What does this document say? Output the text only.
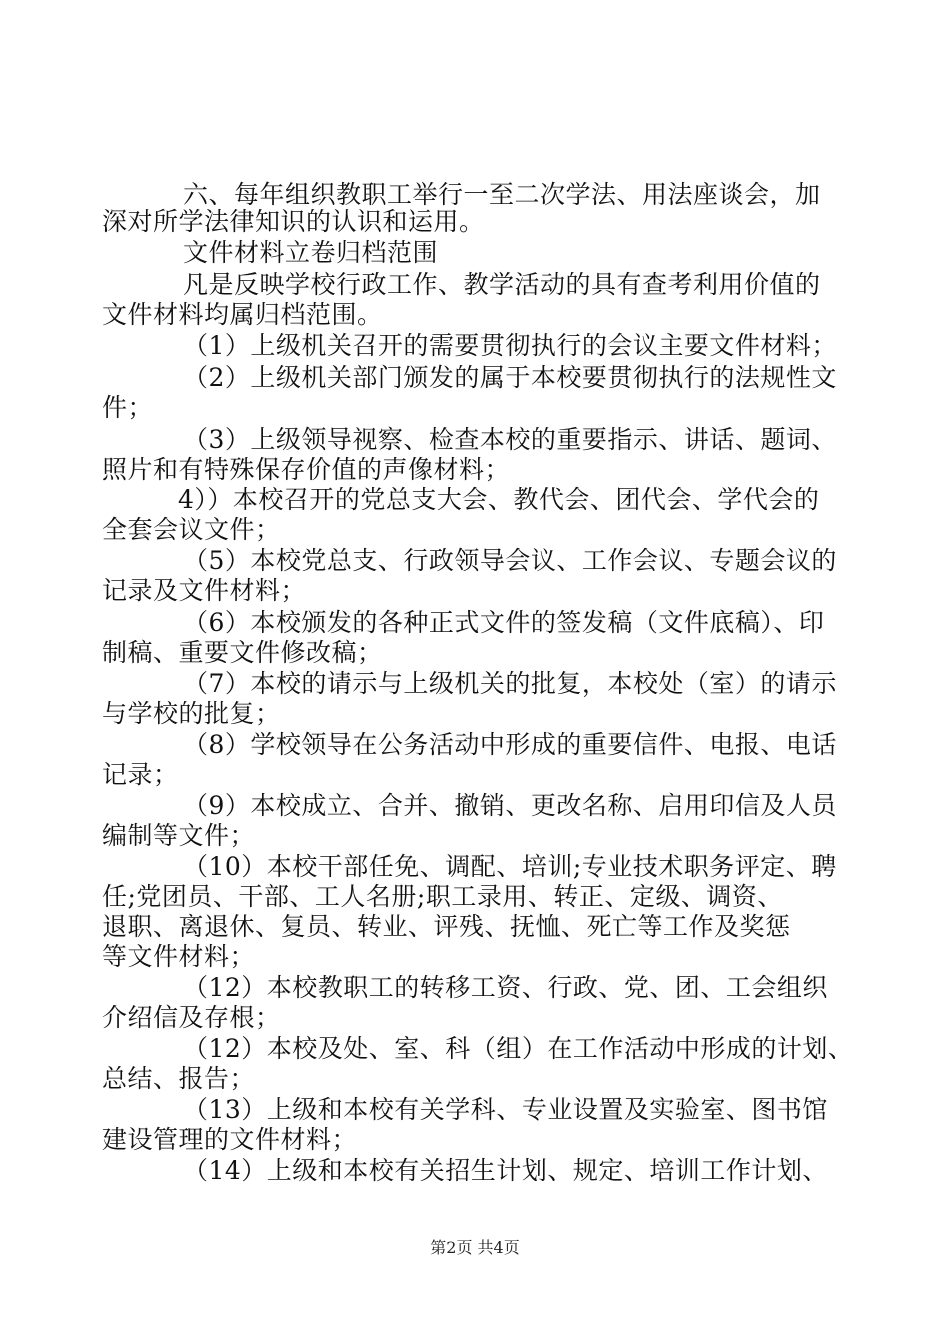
六、每年组织教职工举行一至二次学法、用法座谈会，加
深对所学法律知识的认识和运用。
文件材料立卷归档范围
凡是反映学校行政工作、教学活动的具有查考利用价值的
文件材料均属归档范围。
（1）上级机关召开的需要贯彻执行的会议主要文件材料；
（2）上级机关部门颁发的属于本校要贯彻执行的法规性文
件；
（3）上级领导视察、检查本校的重要指示、讲话、题词、
照片和有特殊保存价值的声像材料；
4））本校召开的党总支大会、教代会、团代会、学代会的
全套会议文件；
（5）本校党总支、行政领导会议、工作会议、专题会议的
记录及文件材料；
（6）本校颁发的各种正式文件的签发稿（文件底稿）、印
制稿、重要文件修改稿；
（7）本校的请示与上级机关的批复，本校处（室）的请示
与学校的批复；
（8）学校领导在公务活动中形成的重要信件、电报、电话
记录；
（9）本校成立、合并、撤销、更改名称、启用印信及人员
编制等文件；
（10）本校干部任免、调配、培训;专业技术职务评定、聘
任;党团员、干部、工人名册;职工录用、转正、定级、调资、
退职、离退休、复员、转业、评残、抚恤、死亡等工作及奖惩
等文件材料；
（12）本校教职工的转移工资、行政、党、团、工会组织
介绍信及存根；
（12）本校及处、室、科（组）在工作活动中形成的计划、
总结、报告；
（13）上级和本校有关学科、专业设置及实验室、图书馆
建设管理的文件材料；
（14）上级和本校有关招生计划、规定、培训工作计划、
第2页 共4页
